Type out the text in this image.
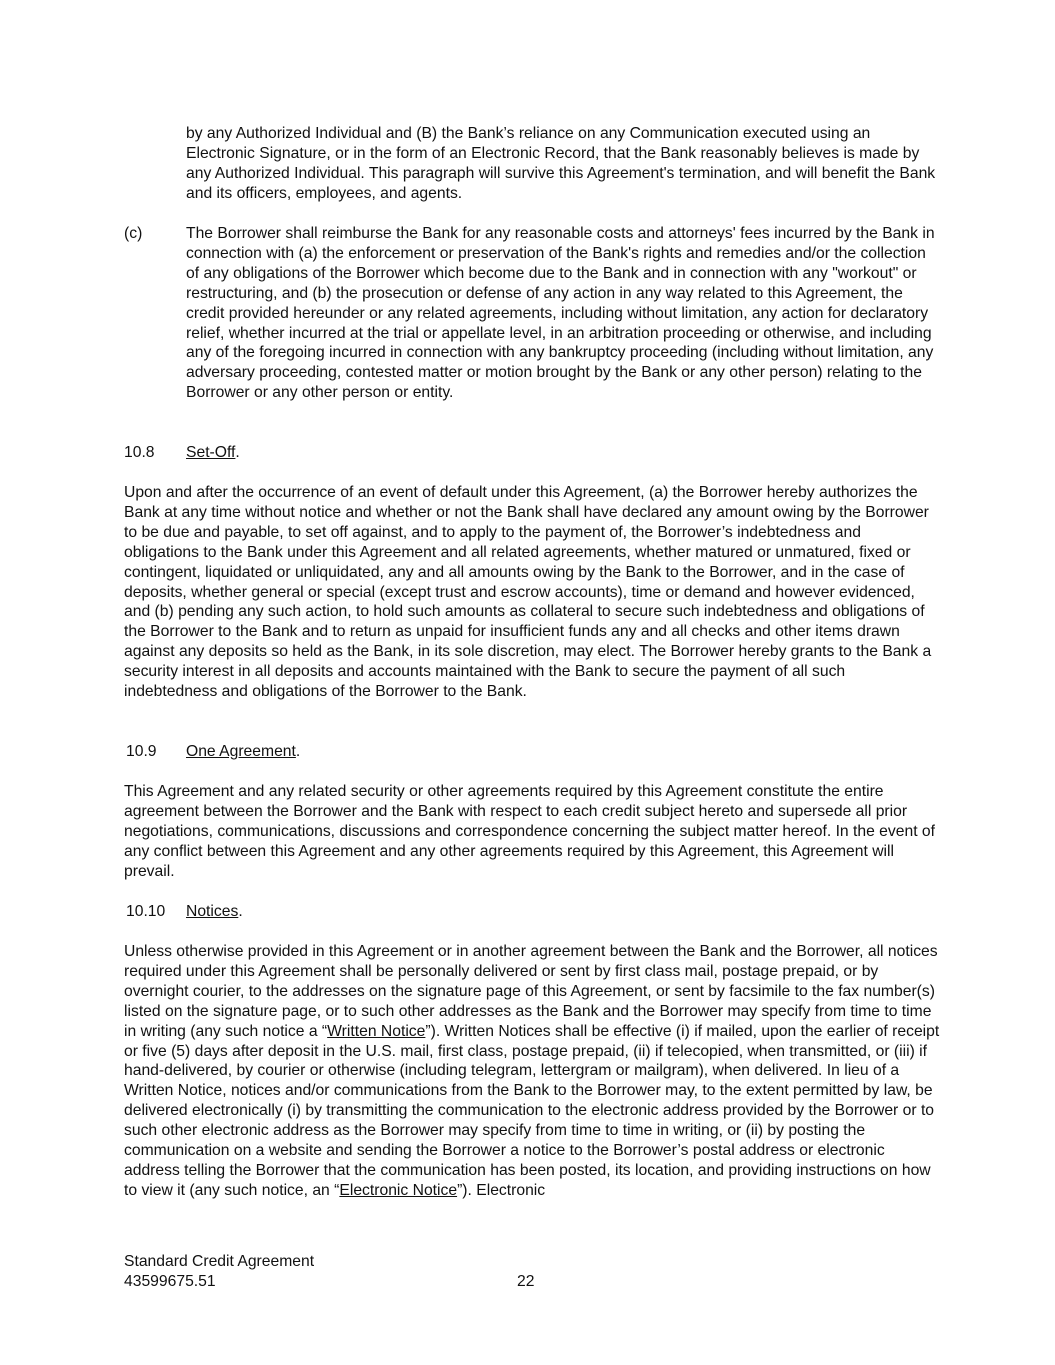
by any Authorized Individual and (B) the Bank’s reliance on any Communication executed using an Electronic Signature, or in the form of an Electronic Record, that the Bank reasonably believes is made by any Authorized Individual. This paragraph will survive this Agreement's termination, and will benefit the Bank and its officers, employees, and agents.

(c)	The Borrower shall reimburse the Bank for any reasonable costs and attorneys' fees incurred by the Bank in connection with (a) the enforcement or preservation of the Bank's rights and remedies and/or the collection of any obligations of the Borrower which become due to the Bank and in connection with any "workout" or restructuring, and (b) the prosecution or defense of any action in any way related to this Agreement, the credit provided hereunder or any related agreements, including without limitation, any action for declaratory relief, whether incurred at the trial or appellate level, in an arbitration proceeding or otherwise, and including any of the foregoing incurred in connection with any bankruptcy proceeding (including without limitation, any adversary proceeding, contested matter or motion brought by the Bank or any other person) relating to the Borrower or any other person or entity.

10.8 Set-Off.

Upon and after the occurrence of an event of default under this Agreement, (a) the Borrower hereby authorizes the Bank at any time without notice and whether or not the Bank shall have declared any amount owing by the Borrower to be due and payable, to set off against, and to apply to the payment of, the Borrower’s indebtedness and obligations to the Bank under this Agreement and all related agreements, whether matured or unmatured, fixed or contingent, liquidated or unliquidated, any and all amounts owing by the Bank to the Borrower, and in the case of deposits, whether general or special (except trust and escrow accounts), time or demand and however evidenced, and (b) pending any such action, to hold such amounts as collateral to secure such indebtedness and obligations of the Borrower to the Bank and to return as unpaid for insufficient funds any and all checks and other items drawn against any deposits so held as the Bank, in its sole discretion, may elect. The Borrower hereby grants to the Bank a security interest in all deposits and accounts maintained with the Bank to secure the payment of all such indebtedness and obligations of the Borrower to the Bank.

10.9 One Agreement.

This Agreement and any related security or other agreements required by this Agreement constitute the entire agreement between the Borrower and the Bank with respect to each credit subject hereto and supersede all prior negotiations, communications, discussions and correspondence concerning the subject matter hereof. In the event of any conflict between this Agreement and any other agreements required by this Agreement, this Agreement will prevail.

10.10 Notices.

Unless otherwise provided in this Agreement or in another agreement between the Bank and the Borrower, all notices required under this Agreement shall be personally delivered or sent by first class mail, postage prepaid, or by overnight courier, to the addresses on the signature page of this Agreement, or sent by facsimile to the fax number(s) listed on the signature page, or to such other addresses as the Bank and the Borrower may specify from time to time in writing (any such notice a “Written Notice”). Written Notices shall be effective (i) if mailed, upon the earlier of receipt or five (5) days after deposit in the U.S. mail, first class, postage prepaid, (ii) if telecopied, when transmitted, or (iii) if hand-delivered, by courier or otherwise (including telegram, lettergram or mailgram), when delivered. In lieu of a Written Notice, notices and/or communications from the Bank to the Borrower may, to the extent permitted by law, be delivered electronically (i) by transmitting the communication to the electronic address provided by the Borrower or to such other electronic address as the Borrower may specify from time to time in writing, or (ii) by posting the communication on a website and sending the Borrower a notice to the Borrower’s postal address or electronic address telling the Borrower that the communication has been posted, its location, and providing instructions on how to view it (any such notice, an “Electronic Notice”). Electronic

Standard Credit Agreement
43599675.51	22
